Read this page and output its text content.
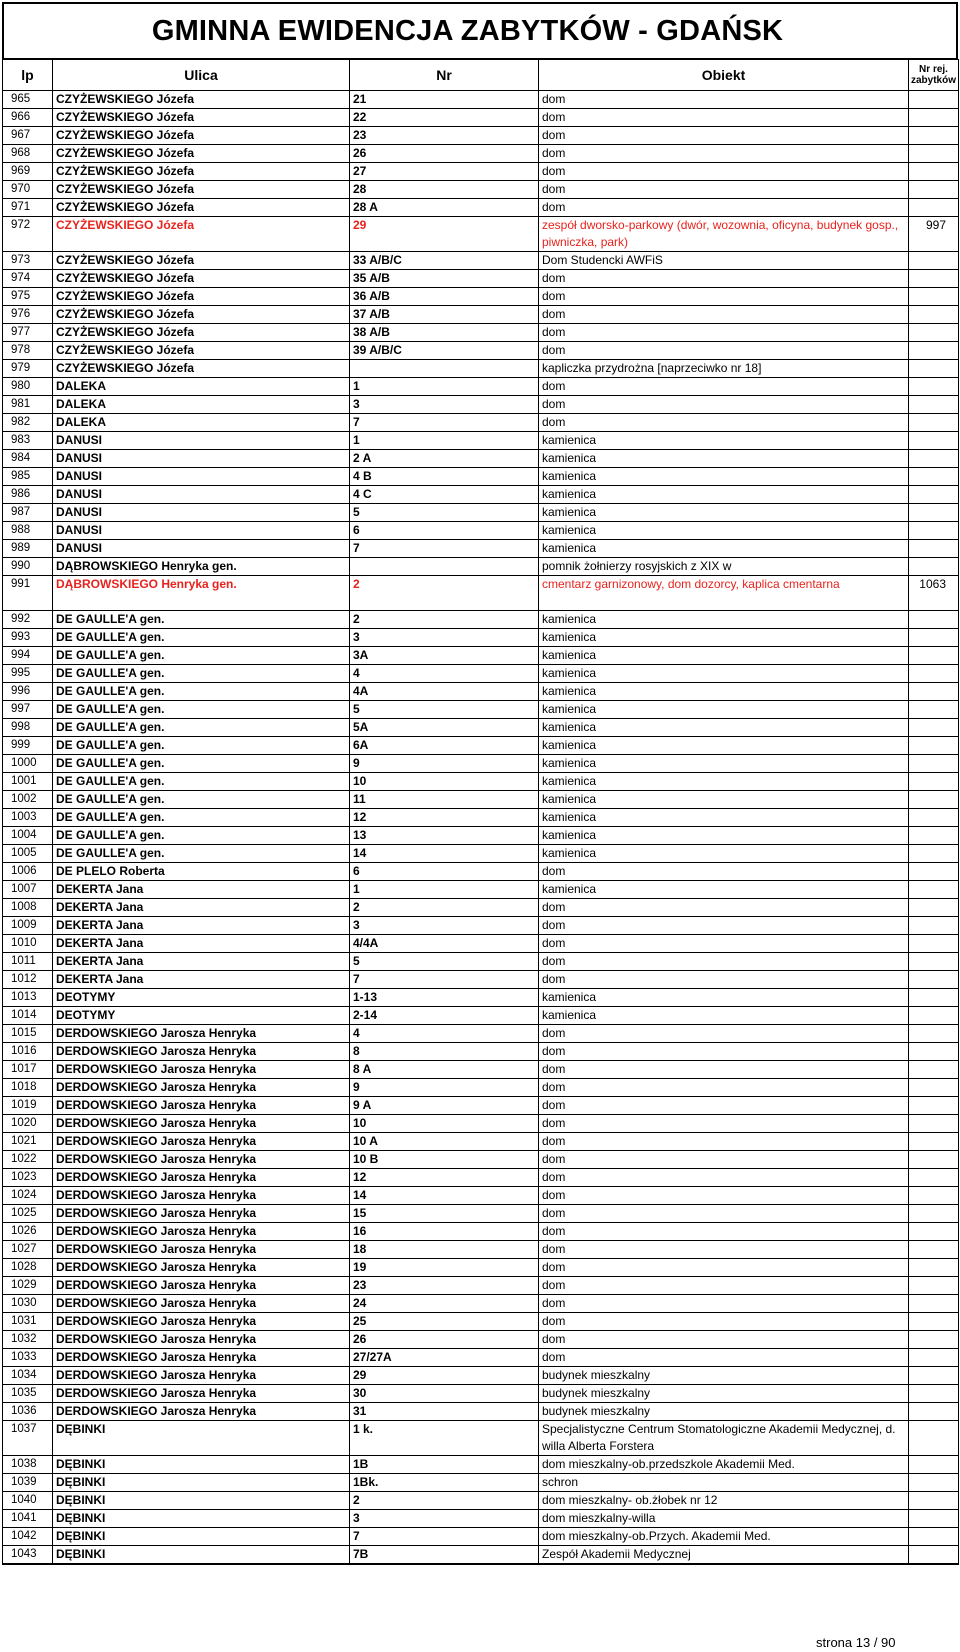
GMINNA EWIDENCJA ZABYTKÓW - GDAŃSK
lp	Ulica	Nr	Obiekt	Nr rej. zabytków
965	CZYŻEWSKIEGO Józefa	21	dom	
966	CZYŻEWSKIEGO Józefa	22	dom	
967	CZYŻEWSKIEGO Józefa	23	dom	
968	CZYŻEWSKIEGO Józefa	26	dom	
969	CZYŻEWSKIEGO Józefa	27	dom	
970	CZYŻEWSKIEGO Józefa	28	dom	
971	CZYŻEWSKIEGO Józefa	28 A	dom	
972	CZYŻEWSKIEGO Józefa	29	zespół dworsko-parkowy (dwór, wozownia, oficyna, budynek gosp., piwniczka, park)	997
973	CZYŻEWSKIEGO Józefa	33 A/B/C	Dom Studencki AWFiS	
974	CZYŻEWSKIEGO Józefa	35 A/B	dom	
975	CZYŻEWSKIEGO Józefa	36 A/B	dom	
976	CZYŻEWSKIEGO Józefa	37 A/B	dom	
977	CZYŻEWSKIEGO Józefa	38 A/B	dom	
978	CZYŻEWSKIEGO Józefa	39 A/B/C	dom	
979	CZYŻEWSKIEGO Józefa		kapliczka przydrożna [naprzeciwko nr 18]	
980	DALEKA	1	dom	
981	DALEKA	3	dom	
982	DALEKA	7	dom	
983	DANUSI	1	kamienica	
984	DANUSI	2 A	kamienica	
985	DANUSI	4 B	kamienica	
986	DANUSI	4 C	kamienica	
987	DANUSI	5	kamienica	
988	DANUSI	6	kamienica	
989	DANUSI	7	kamienica	
990	DĄBROWSKIEGO Henryka gen.		pomnik żołnierzy rosyjskich z XIX w	
991	DĄBROWSKIEGO Henryka gen.	2	cmentarz garnizonowy, dom dozorcy, kaplica cmentarna	1063
992	DE GAULLE'A gen.	2	kamienica	
993	DE GAULLE'A gen.	3	kamienica	
994	DE GAULLE'A gen.	3A	kamienica	
995	DE GAULLE'A gen.	4	kamienica	
996	DE GAULLE'A gen.	4A	kamienica	
997	DE GAULLE'A gen.	5	kamienica	
998	DE GAULLE'A gen.	5A	kamienica	
999	DE GAULLE'A gen.	6A	kamienica	
1000	DE GAULLE'A gen.	9	kamienica	
1001	DE GAULLE'A gen.	10	kamienica	
1002	DE GAULLE'A gen.	11	kamienica	
1003	DE GAULLE'A gen.	12	kamienica	
1004	DE GAULLE'A gen.	13	kamienica	
1005	DE GAULLE'A gen.	14	kamienica	
1006	DE PLELO Roberta	6	dom	
1007	DEKERTA Jana	1	kamienica	
1008	DEKERTA Jana	2	dom	
1009	DEKERTA Jana	3	dom	
1010	DEKERTA Jana	4/4A	dom	
1011	DEKERTA Jana	5	dom	
1012	DEKERTA Jana	7	dom	
1013	DEOTYMY	1-13	kamienica	
1014	DEOTYMY	2-14	kamienica	
1015	DERDOWSKIEGO Jarosza Henryka	4	dom	
1016	DERDOWSKIEGO Jarosza Henryka	8	dom	
1017	DERDOWSKIEGO Jarosza Henryka	8 A	dom	
1018	DERDOWSKIEGO Jarosza Henryka	9	dom	
1019	DERDOWSKIEGO Jarosza Henryka	9 A	dom	
1020	DERDOWSKIEGO Jarosza Henryka	10	dom	
1021	DERDOWSKIEGO Jarosza Henryka	10 A	dom	
1022	DERDOWSKIEGO Jarosza Henryka	10 B	dom	
1023	DERDOWSKIEGO Jarosza Henryka	12	dom	
1024	DERDOWSKIEGO Jarosza Henryka	14	dom	
1025	DERDOWSKIEGO Jarosza Henryka	15	dom	
1026	DERDOWSKIEGO Jarosza Henryka	16	dom	
1027	DERDOWSKIEGO Jarosza Henryka	18	dom	
1028	DERDOWSKIEGO Jarosza Henryka	19	dom	
1029	DERDOWSKIEGO Jarosza Henryka	23	dom	
1030	DERDOWSKIEGO Jarosza Henryka	24	dom	
1031	DERDOWSKIEGO Jarosza Henryka	25	dom	
1032	DERDOWSKIEGO Jarosza Henryka	26	dom	
1033	DERDOWSKIEGO Jarosza Henryka	27/27A	dom	
1034	DERDOWSKIEGO Jarosza Henryka	29	budynek mieszkalny	
1035	DERDOWSKIEGO Jarosza Henryka	30	budynek mieszkalny	
1036	DERDOWSKIEGO Jarosza Henryka	31	budynek mieszkalny	
1037	DĘBINKI	1 k.	Specjalistyczne Centrum Stomatologiczne Akademii Medycznej, d. willa Alberta Forstera	
1038	DĘBINKI	1B	dom mieszkalny-ob.przedszkole Akademii Med.	
1039	DĘBINKI	1Bk.	schron	
1040	DĘBINKI	2	dom mieszkalny- ob.żłobek nr 12	
1041	DĘBINKI	3	dom mieszkalny-willa	
1042	DĘBINKI	7	dom mieszkalny-ob.Przych. Akademii Med.	
1043	DĘBINKI	7B	Zespół Akademii Medycznej	
strona 13 / 90
